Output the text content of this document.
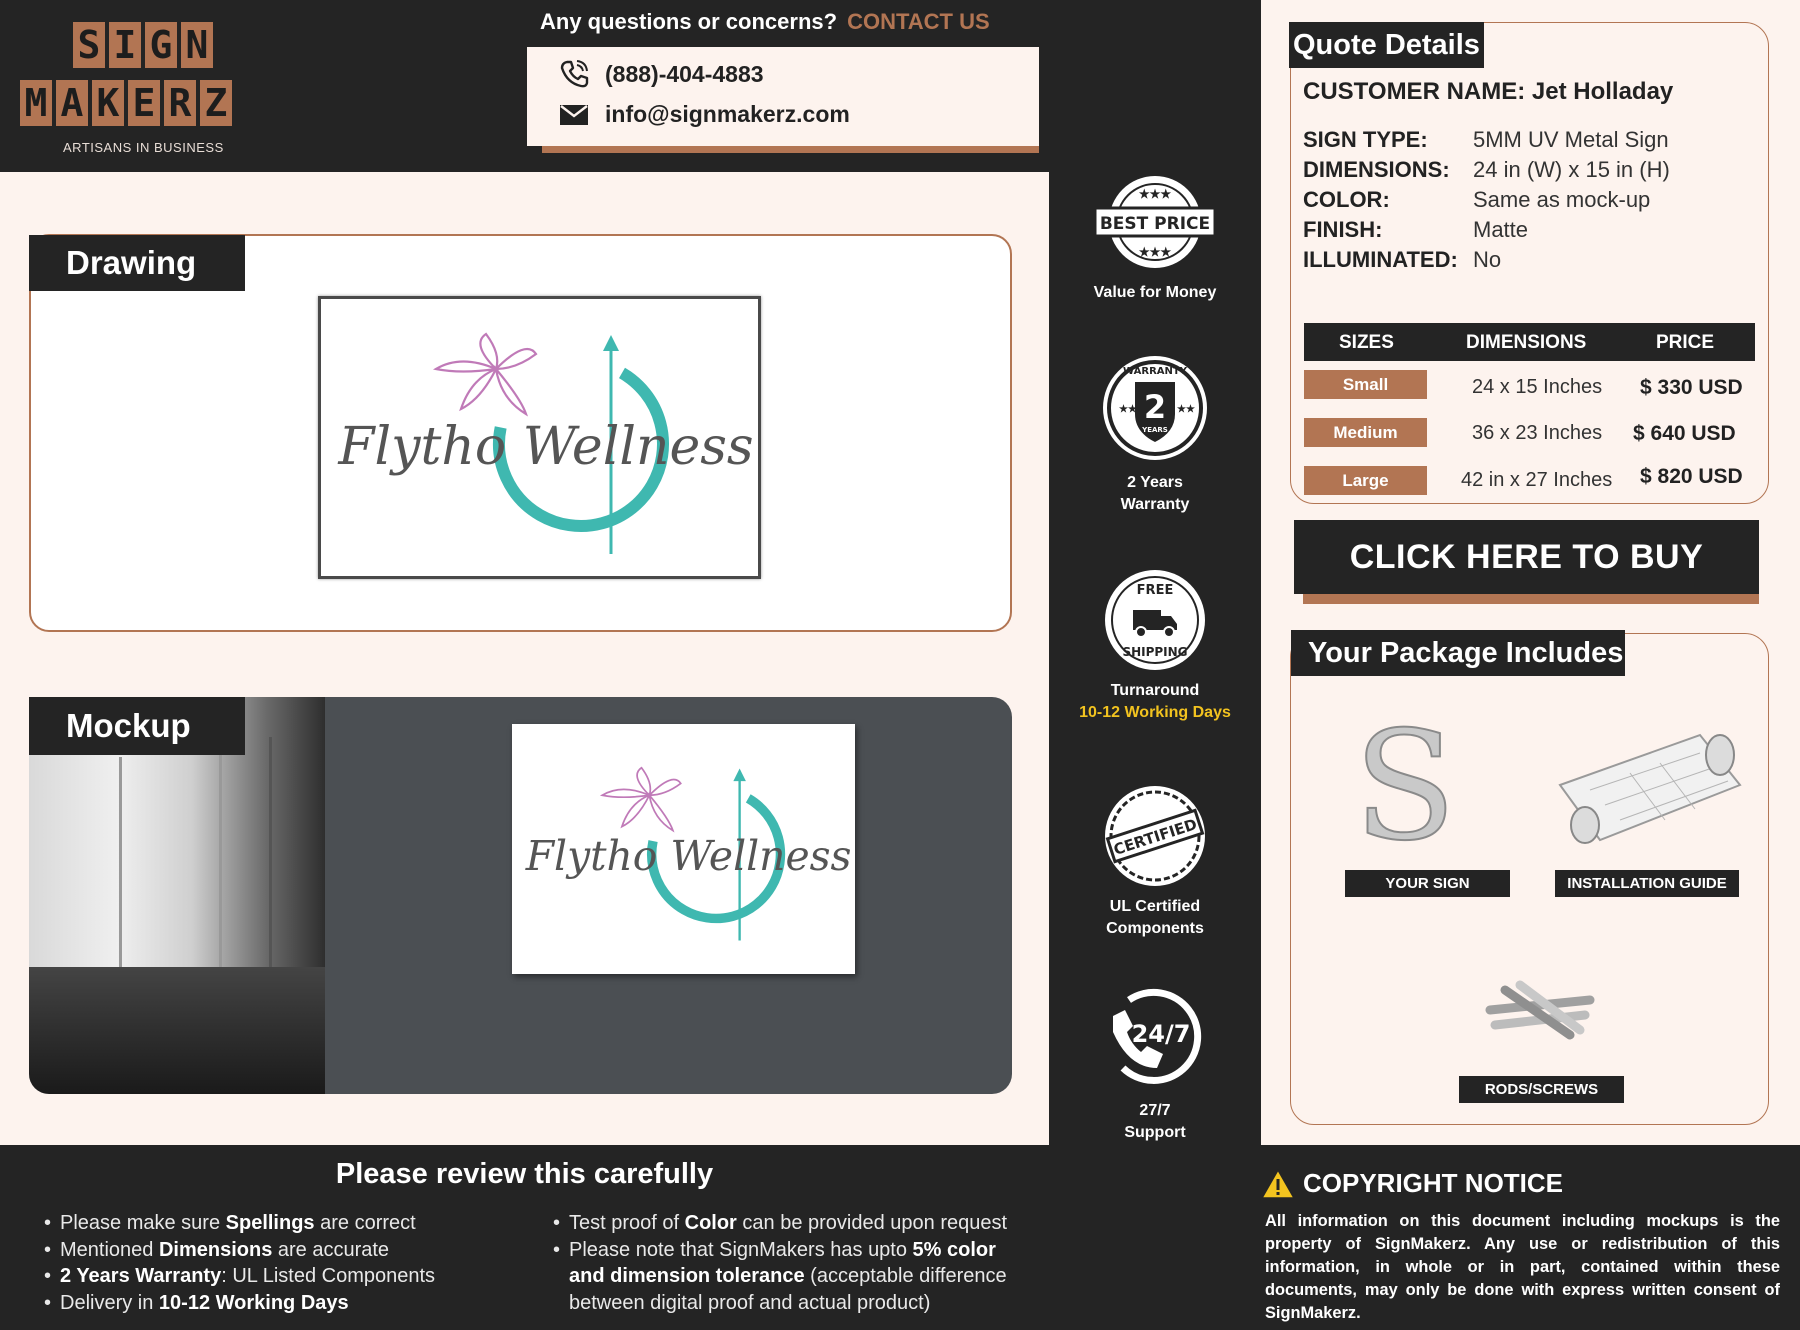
S I G N
M A K E R Z
ARTISANS IN BUSINESS
Any questions or concerns? CONTACT US
(888)-404-4883
info@signmakerz.com
Drawing
Flytho Wellness
Mockup
Flytho Wellness
BEST PRICE
★★★
★★★
Value for Money
2
YEARS
WARRANTY
★★	★★
2 Years
Warranty
FREE
SHIPPING
Turnaround
10-12 Working Days
CERTIFIED
UL Certified
Components
24/7
27/7
Support
Quote Details
CUSTOMER NAME: Jet Holladay
SIGN TYPE:	5MM UV Metal Sign
DIMENSIONS:	24 in (W) x 15 in (H)
COLOR:	Same as mock-up
FINISH:	Matte
ILLUMINATED: No
SIZES	DIMENSIONS	PRICE
Small	24 x 15 Inches $ 330 USD
Medium	36 x 23 Inches $ 640 USD
Large	42 in x 27 Inches $ 820 USD
CLICK HERE TO BUY
Your Package Includes
S
YOUR SIGN	INSTALLATION GUIDE
RODS/SCREWS
Please review this carefully
• Please make sure Spellings are correct
• Mentioned Dimensions are accurate
• 2 Years Warranty: UL Listed Components
• Delivery in 10-12 Working Days
• Test proof of Color can be provided upon request
• Please note that SignMakers has upto 5% color
and dimension tolerance (acceptable difference
between digital proof and actual product)
COPYRIGHT NOTICE
All information on this document including mockups is the property of SignMakerz. Any use or redistribution of this information, in whole or in part, contained within these documents, may only be done with express written consent of SignMakerz.
